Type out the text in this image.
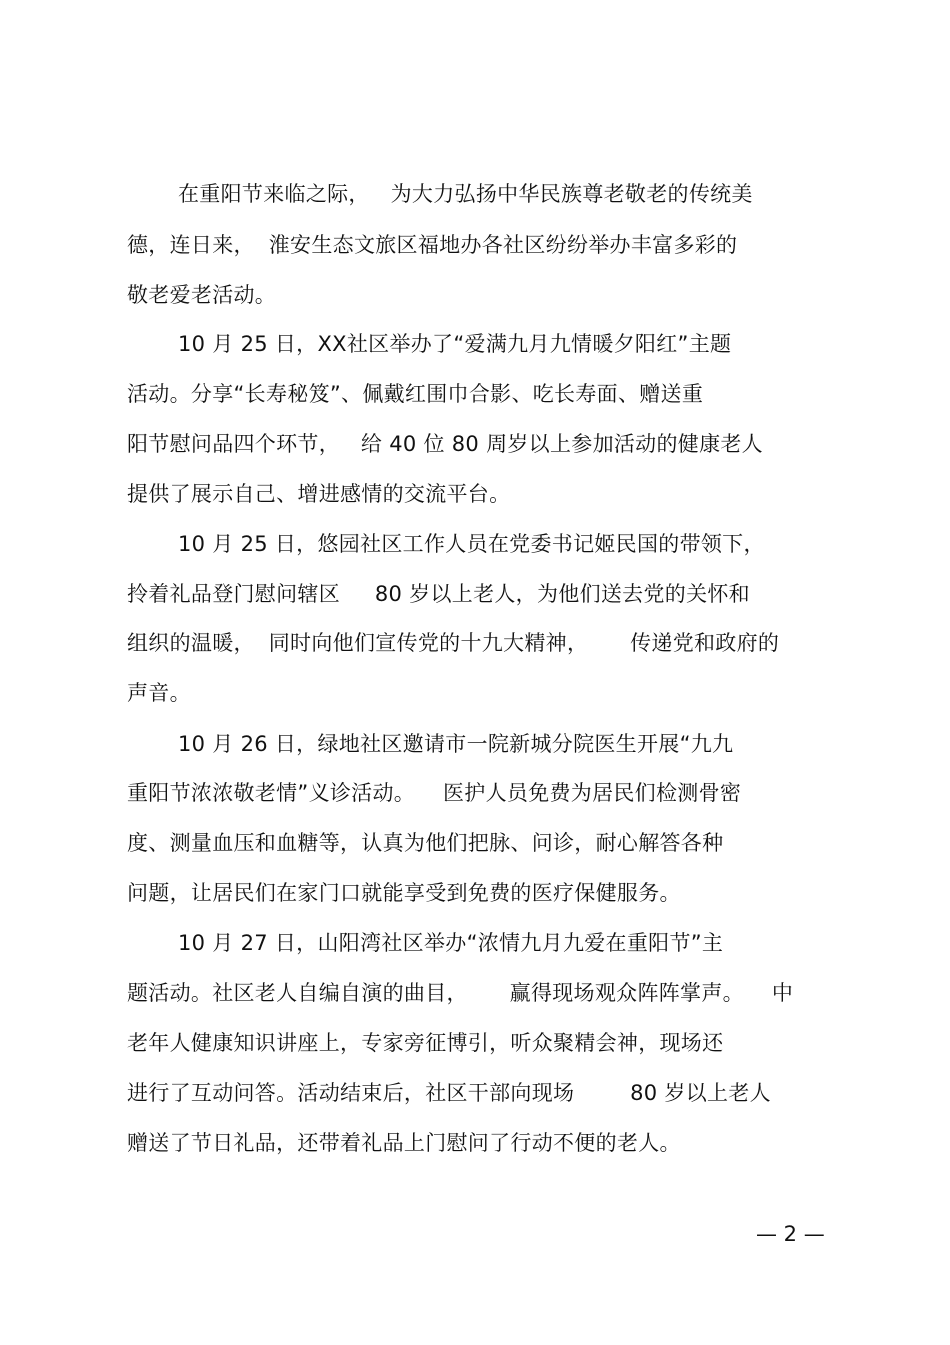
在重阳节来临之际，   为大力弘扬中华民族尊老敬老的传统美
德，连日来，  淮安生态文旅区福地办各社区纷纷举办丰富多彩的
敬老爱老活动。
10 月 25 日，XX社区举办了“爱满九月九情暖夕阳红”主题
活动。分享“长寿秘笈”、佩戴红围巾合影、吃长寿面、赠送重
阳节慰问品四个环节，   给 40 位 80 周岁以上参加活动的健康老人
提供了展示自己、增进感情的交流平台。
10 月 25 日，悠园社区工作人员在党委书记姬民国的带领下，
拎着礼品登门慰问辖区     80 岁以上老人，为他们送去党的关怀和
组织的温暖，  同时向他们宣传党的十九大精神，      传递党和政府的
声音。
10 月 26 日，绿地社区邀请市一院新城分院医生开展“九九
重阳节浓浓敬老情”义诊活动。    医护人员免费为居民们检测骨密
度、测量血压和血糖等，认真为他们把脉、问诊，耐心解答各种
问题，让居民们在家门口就能享受到免费的医疗保健服务。
10 月 27 日，山阳湾社区举办“浓情九月九爱在重阳节”主
题活动。社区老人自编自演的曲目，      赢得现场观众阵阵掌声。    中
老年人健康知识讲座上，专家旁征博引，听众聚精会神，现场还
进行了互动问答。活动结束后，社区干部向现场        80 岁以上老人
赠送了节日礼品，还带着礼品上门慰问了行动不便的老人。
— 2 —
